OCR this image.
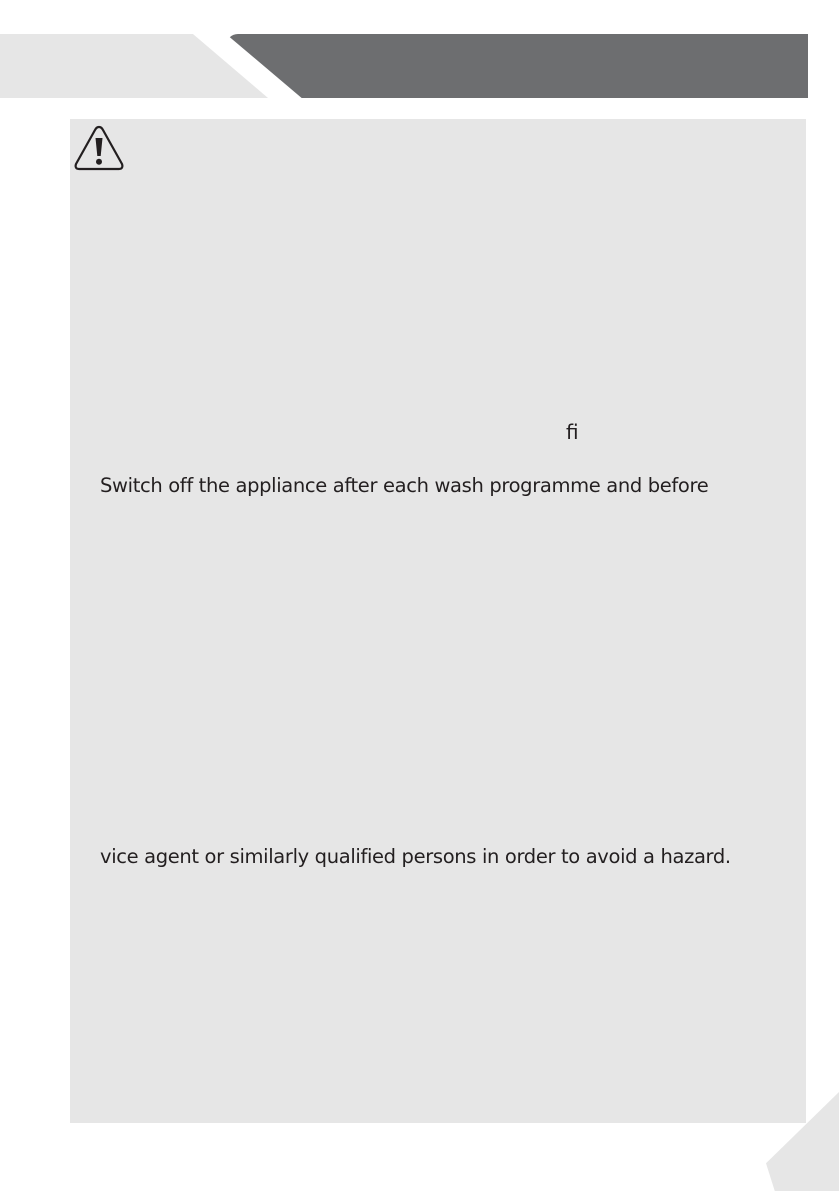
fi
Switch off the appliance after each wash programme and before
vice agent or similarly qualified persons in order to avoid a hazard.
